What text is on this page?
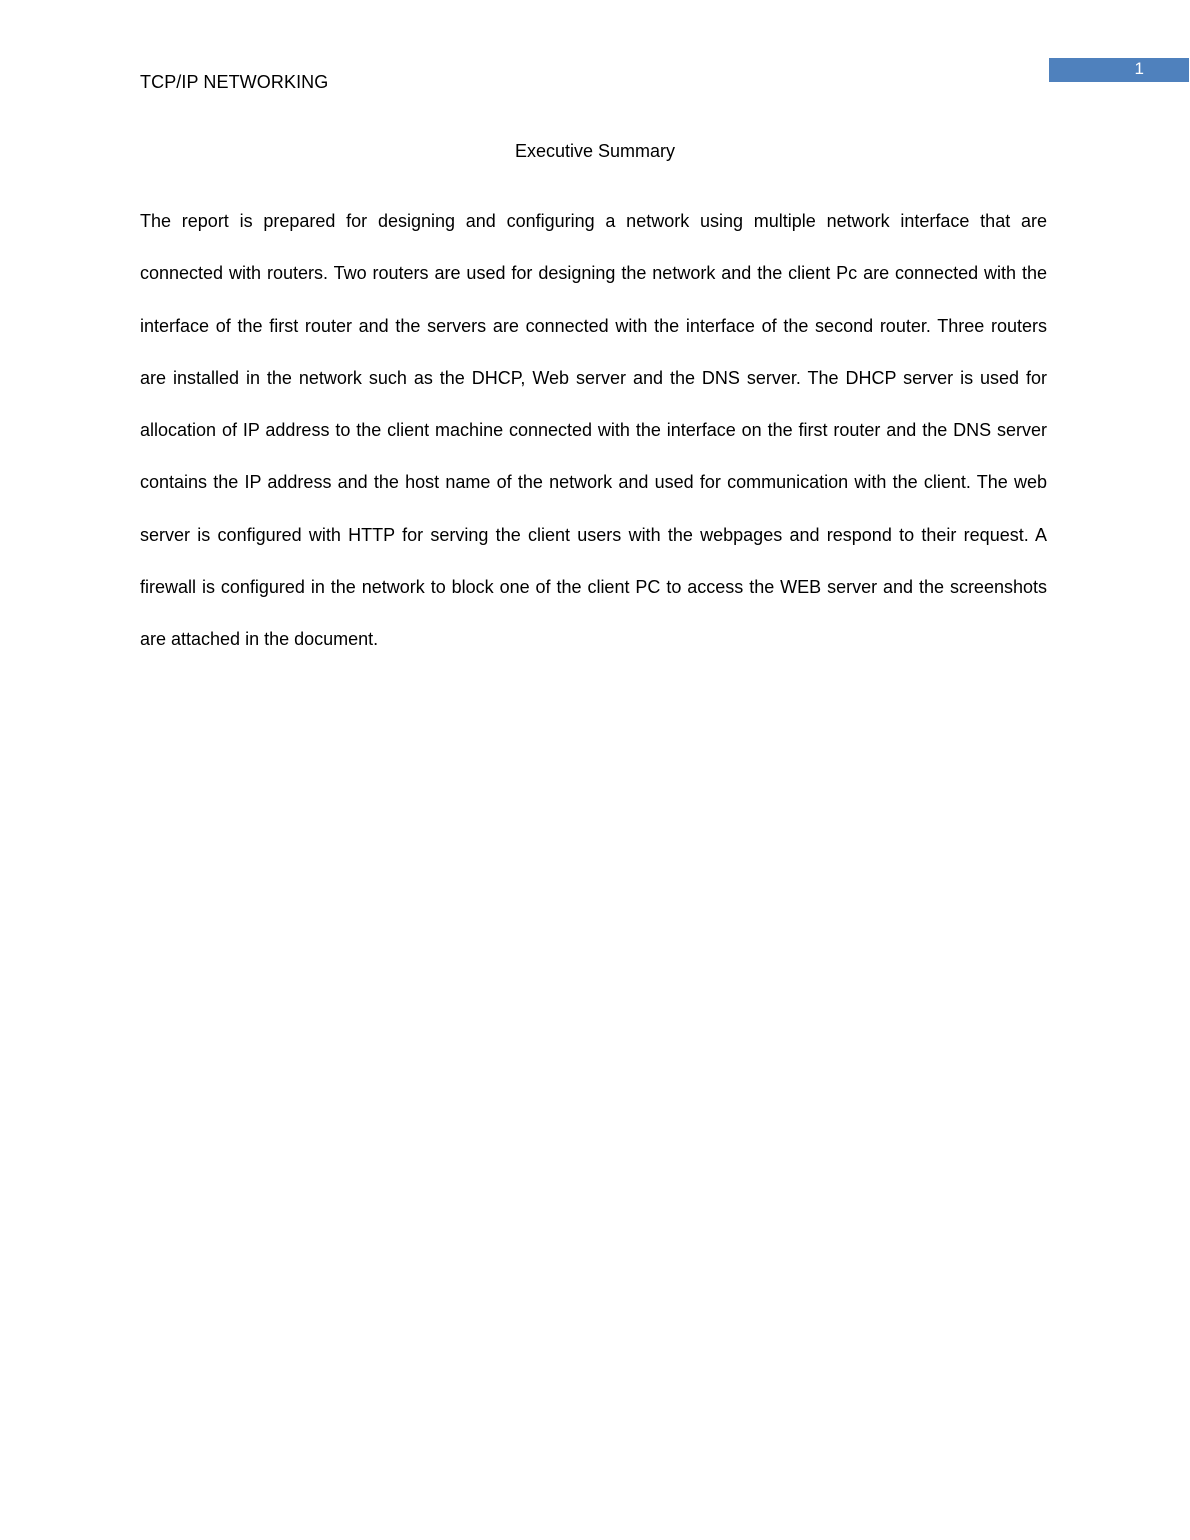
TCP/IP NETWORKING
1
Executive Summary

The report is prepared for designing and configuring a network using multiple network interface that are connected with routers. Two routers are used for designing the network and the client Pc are connected with the interface of the first router and the servers are connected with the interface of the second router. Three routers are installed in the network such as the DHCP, Web server and the DNS server. The DHCP server is used for allocation of IP address to the client machine connected with the interface on the first router and the DNS server contains the IP address and the host name of the network and used for communication with the client. The web server is configured with HTTP for serving the client users with the webpages and respond to their request. A firewall is configured in the network to block one of the client PC to access the WEB server and the screenshots are attached in the document.
